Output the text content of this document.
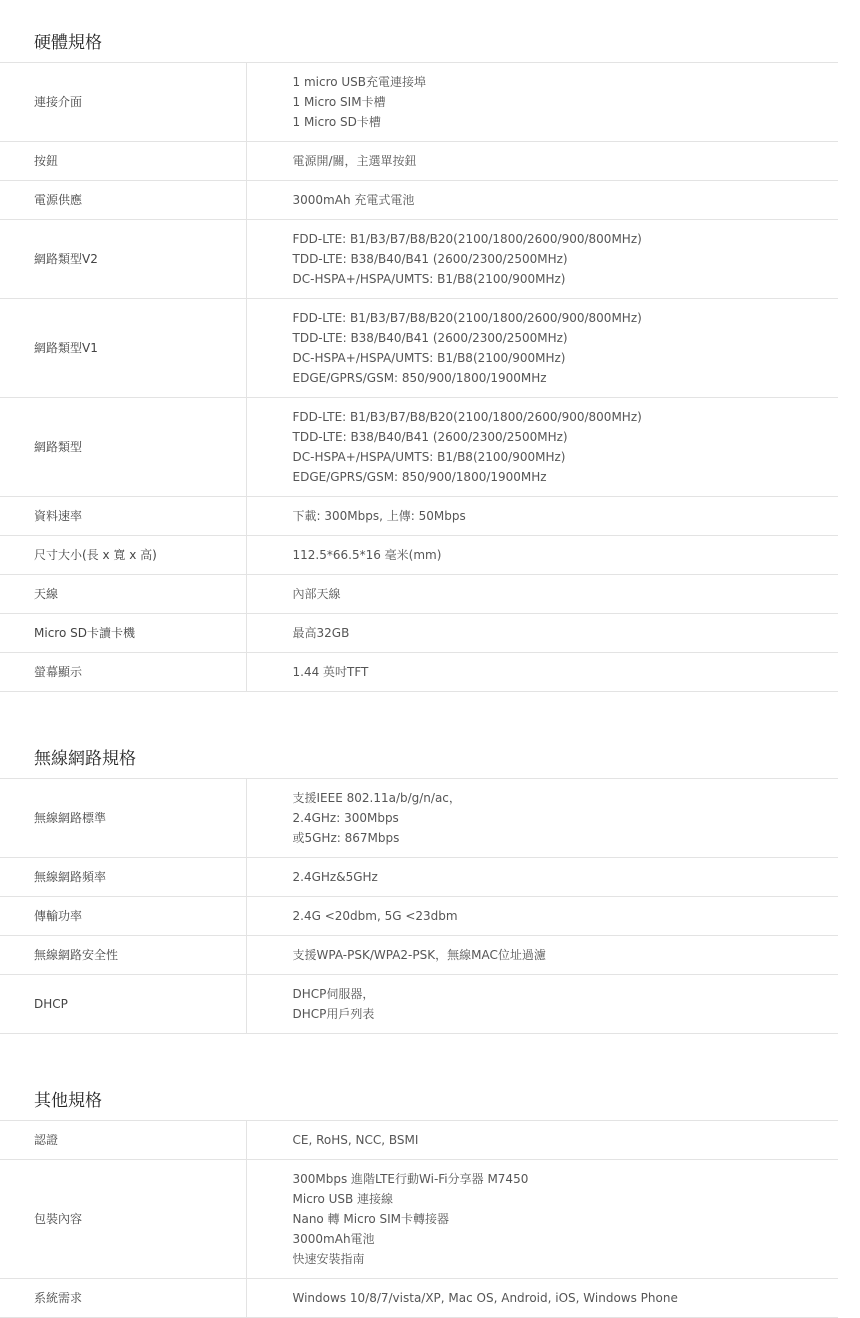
硬體規格
連接介面	1 micro USB充電連接埠
1 Micro SIM卡槽
1 Micro SD卡槽

按鈕	電源開/關，主選單按鈕

電源供應	3000mAh 充電式電池

網路類型V2	FDD-LTE: B1/B3/B7/B8/B20(2100/1800/2600/900/800MHz)
TDD-LTE: B38/B40/B41 (2600/2300/2500MHz)
DC-HSPA+/HSPA/UMTS: B1/B8(2100/900MHz)

網路類型V1	FDD-LTE: B1/B3/B7/B8/B20(2100/1800/2600/900/800MHz)
TDD-LTE: B38/B40/B41 (2600/2300/2500MHz)
DC-HSPA+/HSPA/UMTS: B1/B8(2100/900MHz)
EDGE/GPRS/GSM: 850/900/1800/1900MHz

網路類型	FDD-LTE: B1/B3/B7/B8/B20(2100/1800/2600/900/800MHz)
TDD-LTE: B38/B40/B41 (2600/2300/2500MHz)
DC-HSPA+/HSPA/UMTS: B1/B8(2100/900MHz)
EDGE/GPRS/GSM: 850/900/1800/1900MHz

資料速率	下載: 300Mbps, 上傳: 50Mbps

尺寸大小(長 x 寬 x 高)	112.5*66.5*16 毫米(mm)

天線	內部天線

Micro SD卡讀卡機	最高32GB

螢幕顯示	1.44 英吋TFT
無線網路規格
無線網路標準	支援IEEE 802.11a/b/g/n/ac，
2.4GHz: 300Mbps
或5GHz: 867Mbps

無線網路頻率	2.4GHz&5GHz

傳輸功率	2.4G <20dbm, 5G <23dbm

無線網路安全性	支援WPA-PSK/WPA2-PSK，無線MAC位址過濾

DHCP	DHCP伺服器，
DHCP用戶列表
其他規格
認證	CE, RoHS, NCC, BSMI

包裝內容	300Mbps 進階LTE行動Wi-Fi分享器 M7450
Micro USB 連接線
Nano 轉 Micro SIM卡轉接器
3000mAh電池
快速安裝指南

系統需求	Windows 10/8/7/vista/XP, Mac OS, Android, iOS, Windows Phone
